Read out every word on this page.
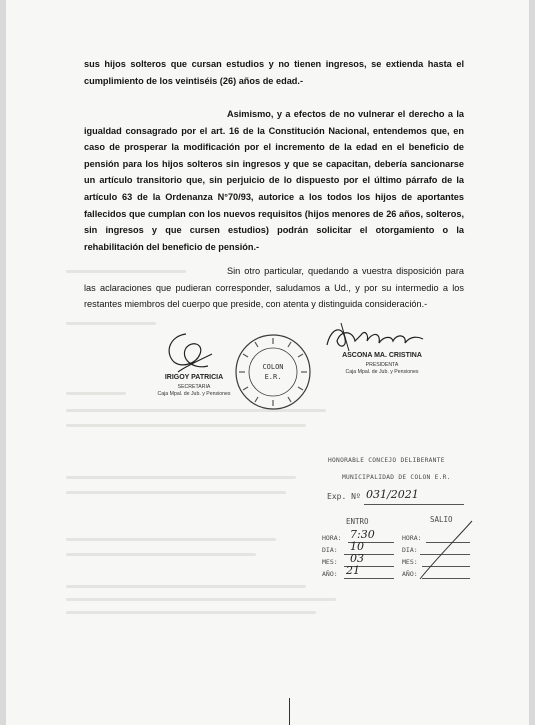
sus hijos solteros que cursan estudios y no tienen ingresos, se extienda hasta el cumplimiento de los veintiséis (26) años de edad.-
Asimismo, y a efectos de no vulnerar el derecho a la igualdad consagrado por el art. 16 de la Constitución Nacional, entendemos que, en caso de prosperar la modificación por el incremento de la edad en el beneficio de pensión para los hijos solteros sin ingresos y que se capacitan, debería sancionarse un artículo transitorio que, sin perjuicio de lo dispuesto por el último párrafo de la artículo 63 de la Ordenanza N°70/93, autorice a los todos los hijos de aportantes fallecidos que cumplan con los nuevos requisitos (hijos menores de 26 años, solteros, sin ingresos y que cursen estudios) podrán solicitar el otorgamiento o la rehabilitación del beneficio de pensión.-
Sin otro particular, quedando a vuestra disposición para las aclaraciones que pudieran corresponder, saludamos a Ud., y por su intermedio a los restantes miembros del cuerpo que preside, con atenta y distinguida consideración.-
ASCONA MA. CRISTINA
PRESIDENTA
Caja Mpal. de Jub. y Pensiones
IRIGOY PATRICIA
SECRETARIA
Caja Mpal. de Jub. y Pensiones
COLON
E.R.
HONORABLE CONCEJO DELIBERANTE
MUNICIPALIDAD DE COLON E.R.
Exp. Nº 031/2021
ENTRO	SALIO
HORA: 7:30	HORA:
DIA: 10	DIA:
MES: 03	MES:
AÑO: 21	AÑO:
